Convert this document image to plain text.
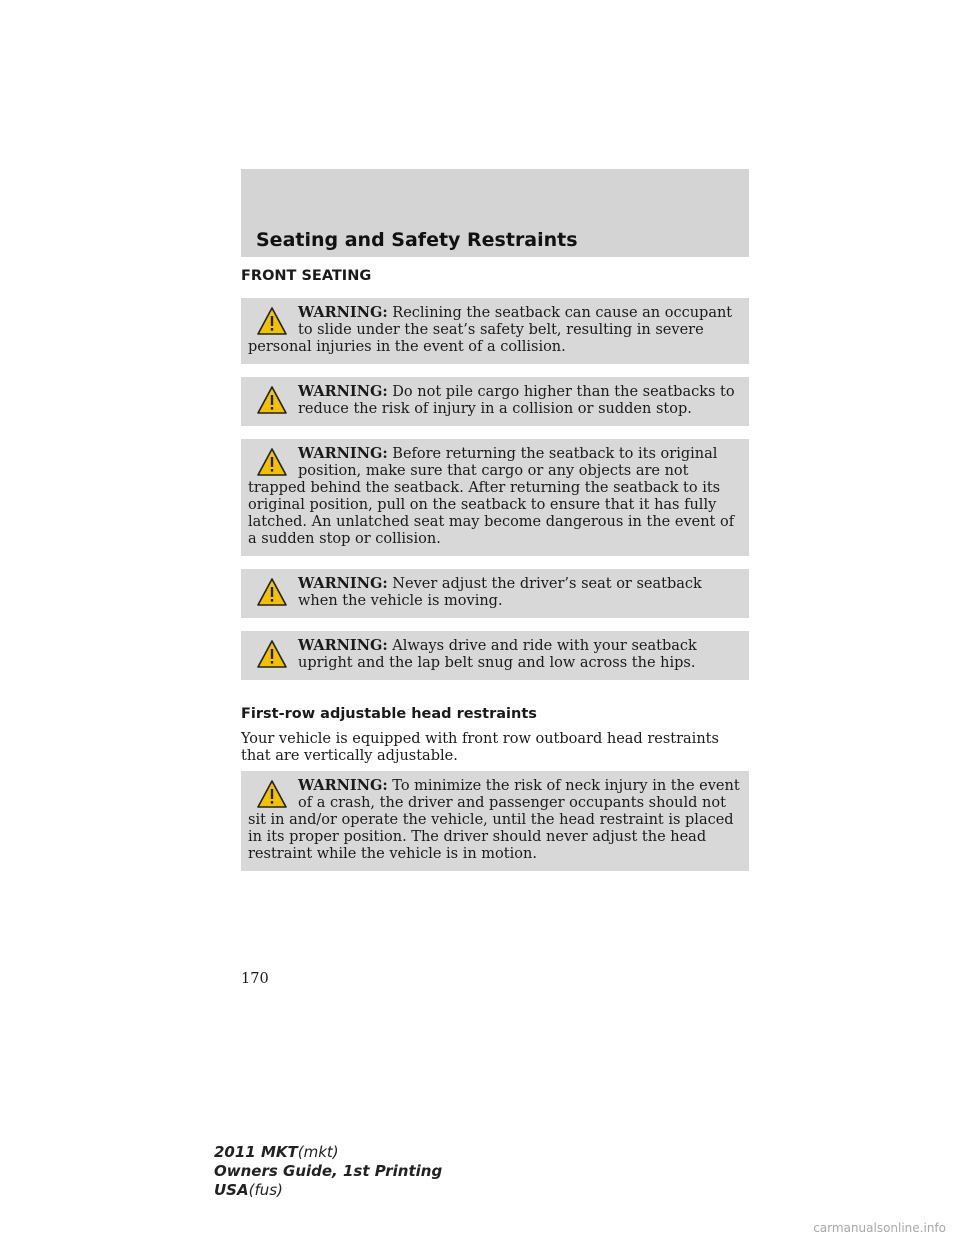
Seating and Safety Restraints
FRONT SEATING
WARNING: Reclining the seatback can cause an occupant to slide under the seat’s safety belt, resulting in severe personal injuries in the event of a collision.
WARNING: Do not pile cargo higher than the seatbacks to reduce the risk of injury in a collision or sudden stop.
WARNING: Before returning the seatback to its original position, make sure that cargo or any objects are not trapped behind the seatback. After returning the seatback to its original position, pull on the seatback to ensure that it has fully latched. An unlatched seat may become dangerous in the event of a sudden stop or collision.
WARNING: Never adjust the driver’s seat or seatback when the vehicle is moving.
WARNING: Always drive and ride with your seatback upright and the lap belt snug and low across the hips.
First-row adjustable head restraints
Your vehicle is equipped with front row outboard head restraints that are vertically adjustable.
WARNING: To minimize the risk of neck injury in the event of a crash, the driver and passenger occupants should not sit in and/or operate the vehicle, until the head restraint is placed in its proper position. The driver should never adjust the head restraint while the vehicle is in motion.
170
2011 MKT(mkt)
Owners Guide, 1st Printing
USA(fus)
carmanualsonline.info
